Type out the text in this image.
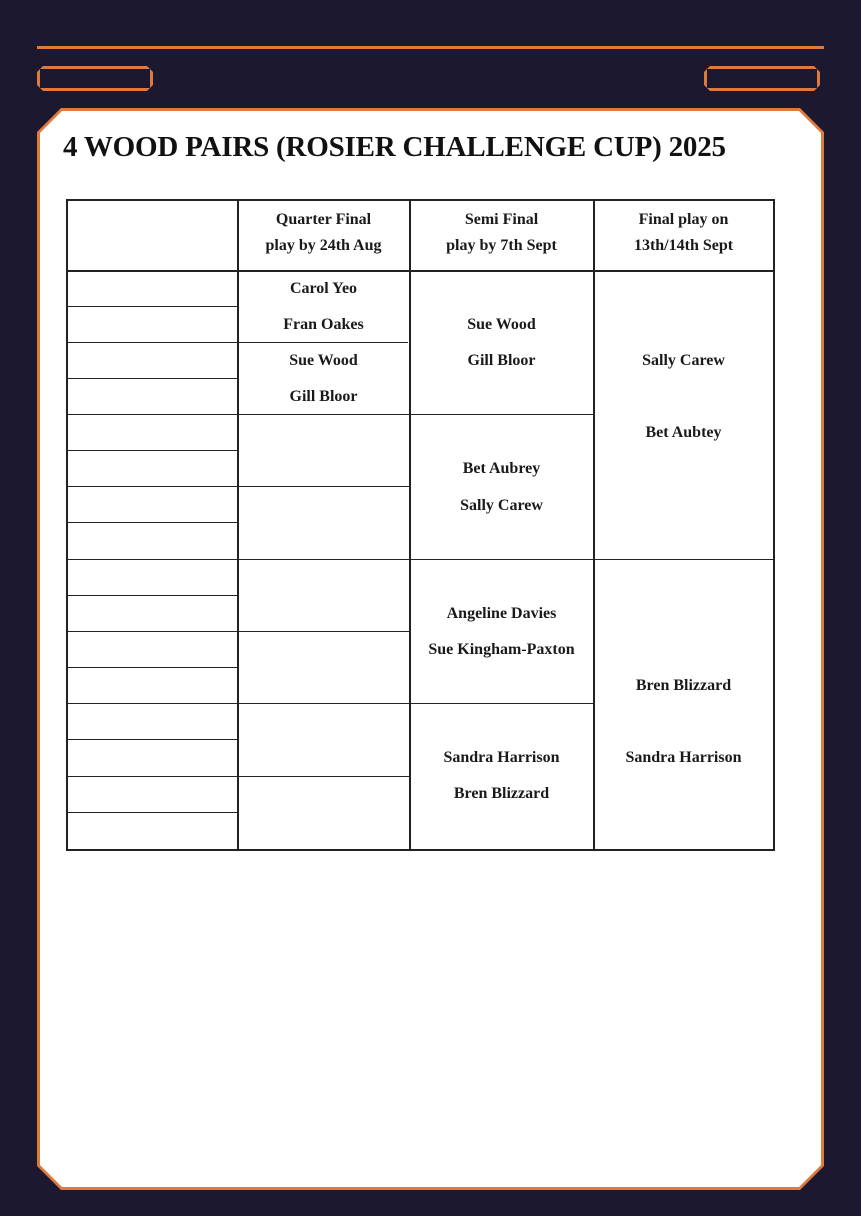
4 WOOD PAIRS (ROSIER CHALLENGE CUP) 2025
Quarter Final
play by 24th Aug
Semi Final
play by 7th Sept
Final play on
13th/14th Sept
Carol Yeo
Fran Oakes
Sue Wood
Gill Bloor
Sue Wood
Gill Bloor
Bet Aubrey
Sally Carew
Angeline Davies
Sue Kingham-Paxton
Sandra Harrison
Bren Blizzard
Sally Carew
Bet Aubtey
Bren Blizzard
Sandra Harrison
